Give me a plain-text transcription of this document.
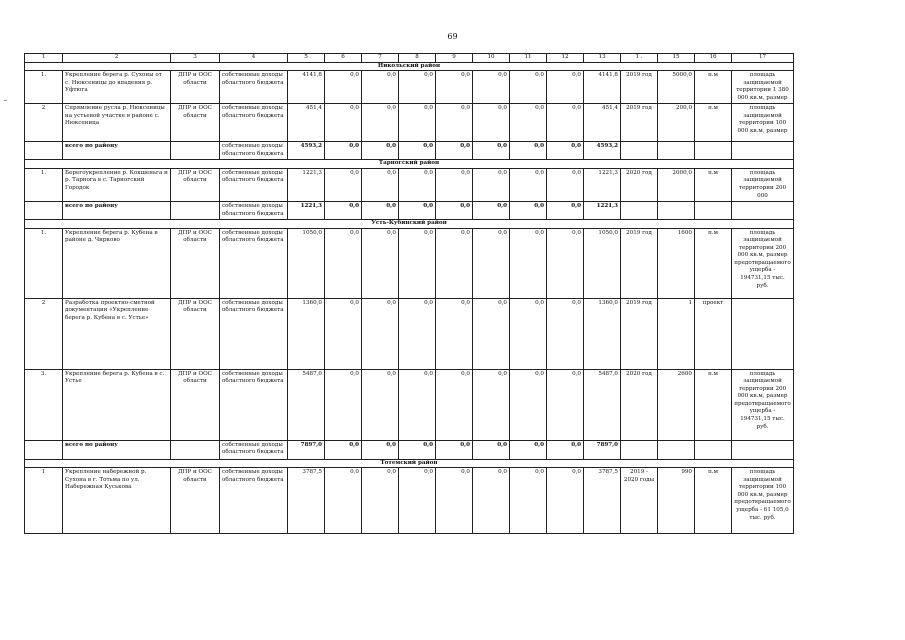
69
1	2	3	4	5	6	7	8	9	10	11	12	13	1 .	15	16	17
Никольский район																
1.	Укрепление берега р. Сухоны от с. Нюксеницы до впадения р. Уфтюга	ДПР и ООС области	собственные доходы областного бюджета	4141,8	0,0	0,0	0,0	0,0	0,0	0,0	0,0	4141,8	2019 год	5000,0	п.м	площадь защищаемой территории 1 380 000 кв.м, размер
2	Спрямление русла р. Нюксеницы на устьевой участке в районе с. Нюксеница	ДПР и ООС области	собственные доходы областного бюджета	451,4	0,0	0,0	0,0	0,0	0,0	0,0	0,0	451,4	2019 год	200,0	п.м	площадь защищаемой территории 100 000 кв.м, размер
	всего по району		собственные доходы областного бюджета	4593,2	0,0	0,0	0,0	0,0	0,0	0,0	0,0	4593,2				
Тарногский район																
1.	Берегоукрепление р. Кокшеньга и р. Тарнога в с. Тарногский Городок	ДПР и ООС области	собственные доходы областного бюджета	1221,3	0,0	0,0	0,0	0,0	0,0	0,0	0,0	1221,3	2020 год	2000,0	п.м	площадь защищаемой территории 200 000
	всего по району		собственные доходы областного бюджета	1221,3	0,0	0,0	0,0	0,0	0,0	0,0	0,0	1221,3				
Усть-Кубинский район																
1.	Укрепление берега р. Кубена в районе д. Чирково	ДПР и ООС области	собственные доходы областного бюджета	1050,0	0,0	0,0	0,0	0,0	0,0	0,0	0,0	1050,0	2019 год	1600	п.м	площадь защищаемой территории 200 000 кв.м, размер предотвращаемого ущерба - 194731,15 тыс. руб.
2	Разработка проектно-сметной документации «Укрепление берега р. Кубена в с. Устье»	ДПР и ООС области	собственные доходы областного бюджета	1360,0	0,0	0,0	0,0	0,0	0,0	0,0	0,0	1360,0	2019 год	1	проект	
3.	Укрепление берега р. Кубена в с. Устье	ДПР и ООС области	собственные доходы областного бюджета	5487,0	0,0	0,0	0,0	0,0	0,0	0,0	0,0	5487,0	2020 год	2600	п.м	площадь защищаемой территории 200 000 кв.м, размер предотвращаемого ущерба - 194731,15 тыс. руб.
	всего по району		собственные доходы областного бюджета	7897,0	0,0	0,0	0,0	0,0	0,0	0,0	0,0	7897,0				
Тотемский район																
1	Укрепление набережной р. Сухона в г. Тотьма по ул. Набережная Куськова	ДПР и ООС области	собственные доходы областного бюджета	3787,5	0,0	0,0	0,0	0,0	0,0	0,0	0,0	3787,5	2019 - 2020 годы	990	п.м	площадь защищаемой территории 100 000 кв.м, размер предотвращаемого ущерба - 61 105,0 тыс. руб.
